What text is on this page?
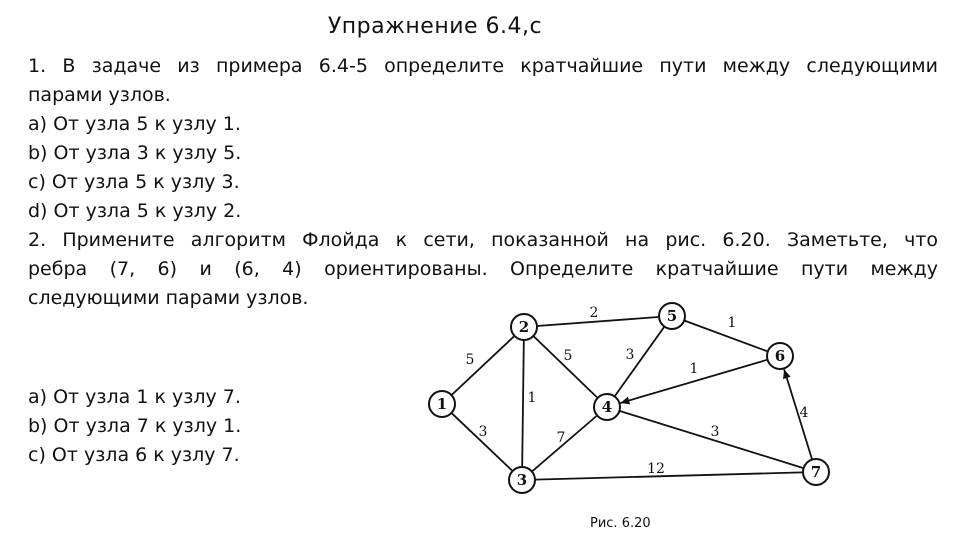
Упражнение 6.4,c
1. В задаче из примера 6.4-5 определите кратчайшие пути между следующими
парами узлов.
a) От узла 5 к узлу 1.
b) От узла 3 к узлу 5.
c) От узла 5 к узлу 3.
d) От узла 5 к узлу 2.
2. Примените алгоритм Флойда к сети, показанной на рис. 6.20. Заметьте, что
ребра (7, 6) и (6, 4) ориентированы. Определите кратчайшие пути между
следующими парами узлов.
a) От узла 1 к узлу 7.
b) От узла 7 к узлу 1.
c) От узла 6 к узлу 7.
5
3
2
1
5	3
1
1
7	3
12
4
1
2
3
4
5
6
7
Рис. 6.20
